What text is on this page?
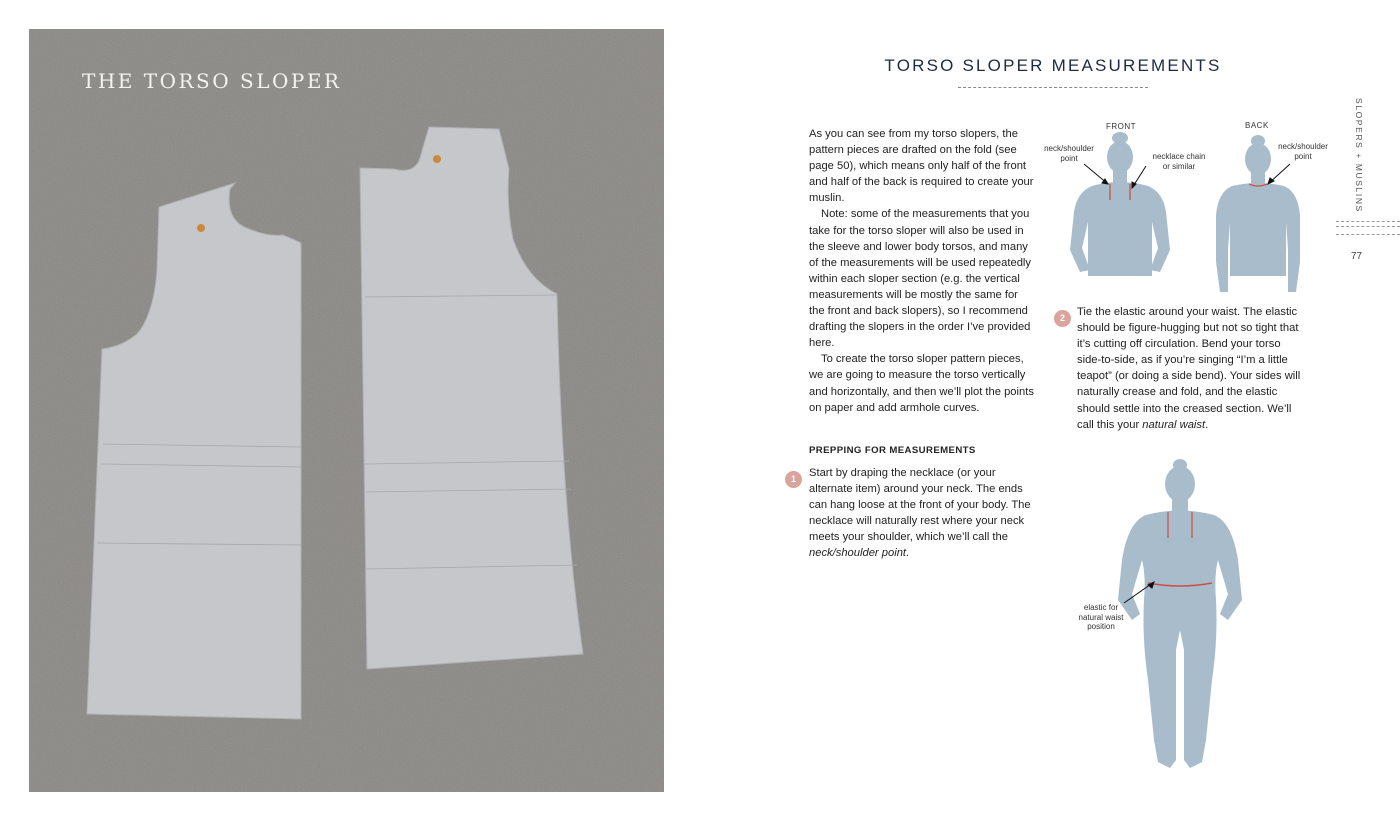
THE TORSO SLOPER
TORSO SLOPER MEASUREMENTS

As you can see from my torso slopers, the pattern pieces are drafted on the fold (see page 50), which means only half of the front and half of the back is required to create your muslin.

Note: some of the measurements that you take for the torso sloper will also be used in the sleeve and lower body torsos, and many of the measurements will be used repeatedly within each sloper section (e.g. the vertical measurements will be mostly the same for the front and back slopers), so I recommend drafting the slopers in the order I’ve provided here.

To create the torso sloper pattern pieces, we are going to measure the torso vertically and horizontally, and then we’ll plot the points on paper and add armhole curves.

PREPPING FOR MEASUREMENTS
1	Start by draping the necklace (or your alternate item) around your neck. The ends can hang loose at the front of your body. The necklace will naturally rest where your neck meets your shoulder, which we’ll call the neck/shoulder point.
2	Tie the elastic around your waist. The elastic should be figure-hugging but not so tight that it’s cutting off circulation. Bend your torso side-to-side, as if you’re singing “I’m a little teapot” (or doing a side bend). Your sides will naturally crease and fold, and the elastic should settle into the creased section. We’ll call this your natural waist.
FRONT	BACK
neck/shoulder
point	necklace chain
or similar
neck/shoulder
point
elastic for
natural waist
position
SLOPERS + MUSLINS
77
